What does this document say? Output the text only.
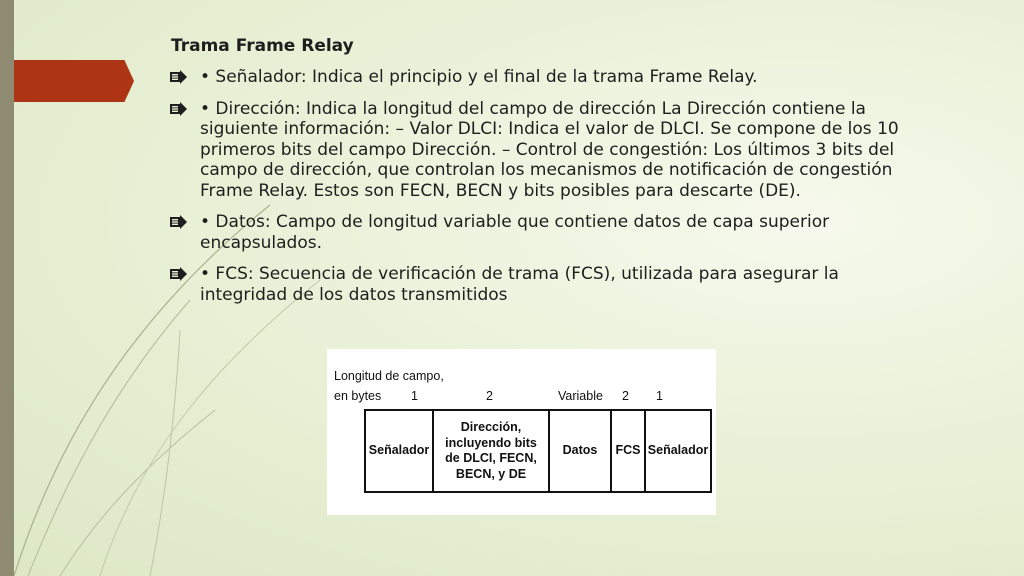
Trama Frame Relay
• Señalador: Indica el principio y el final de la trama Frame Relay.
• Dirección: Indica la longitud del campo de dirección La Dirección contiene la siguiente información: – Valor DLCI: Indica el valor de DLCI. Se compone de los 10 primeros bits del campo Dirección. – Control de congestión: Los últimos 3 bits del campo de dirección, que controlan los mecanismos de notificación de congestión Frame Relay. Estos son FECN, BECN y bits posibles para descarte (DE).
• Datos: Campo de longitud variable que contiene datos de capa superior encapsulados.
• FCS: Secuencia de verificación de trama (FCS), utilizada para asegurar la integridad de los datos transmitidos
Longitud de campo,
en bytes 1	2	Variable 2 1
Señalador
Dirección,
incluyendo bits
de DLCI, FECN,
BECN, y DE
Datos FCS Señalador
